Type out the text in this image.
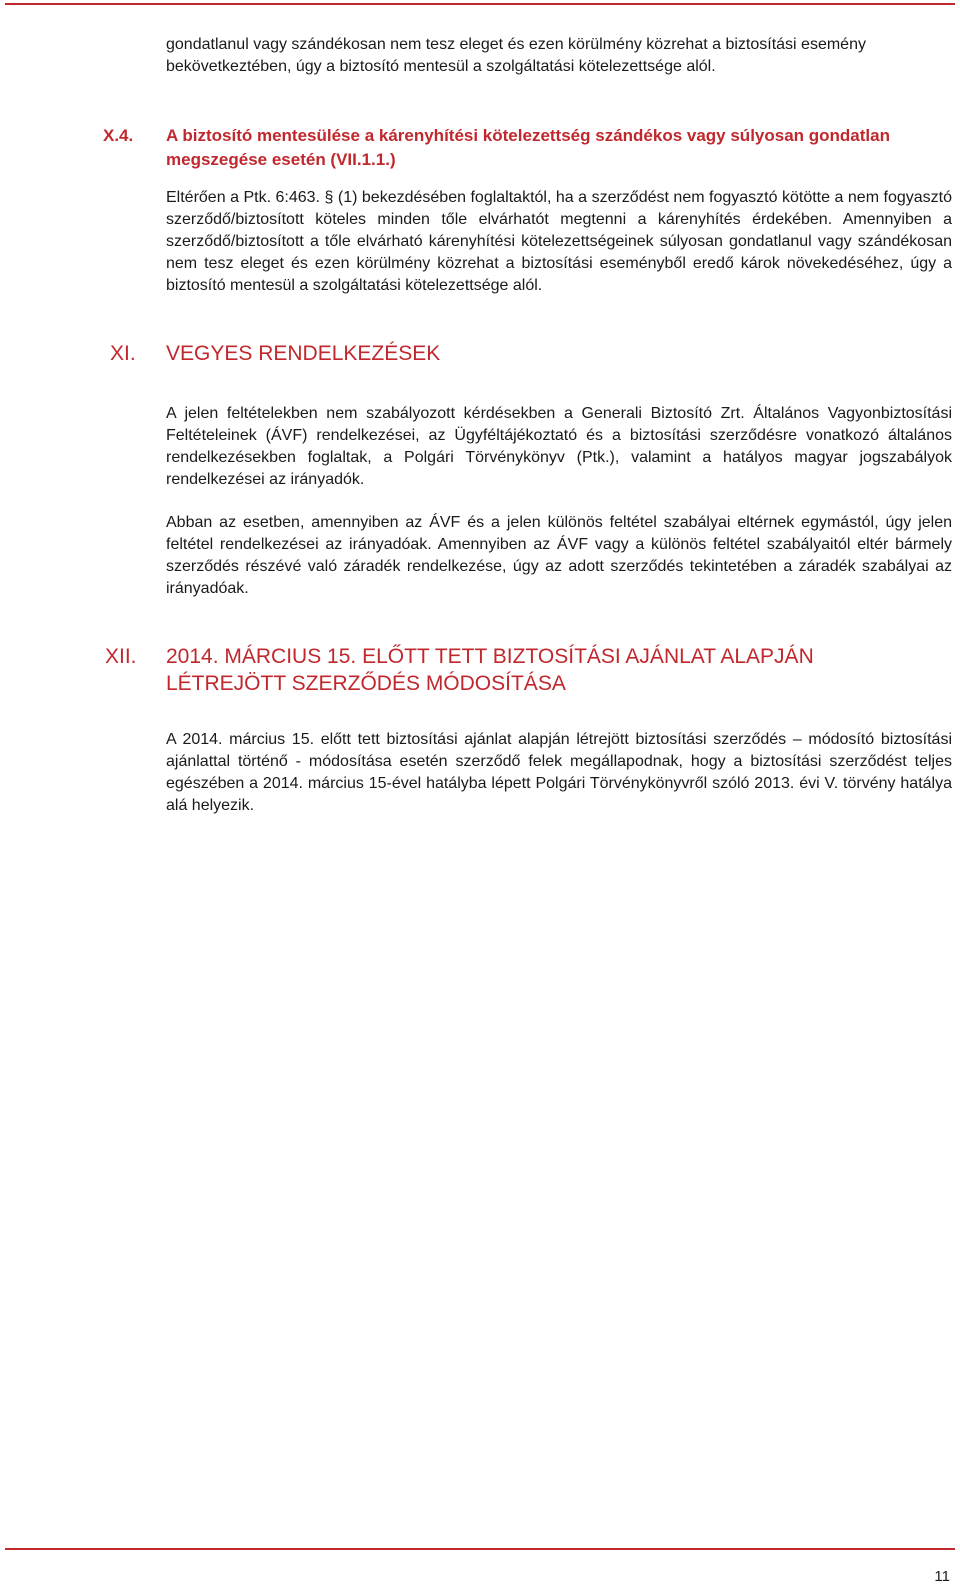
gondatlanul vagy szándékosan nem tesz eleget és ezen körülmény közrehat a biztosítási esemény bekövetkeztében, úgy a biztosító mentesül a szolgáltatási kötelezettsége alól.

X.4. A biztosító mentesülése a kárenyhítési kötelezettség szándékos vagy súlyosan gondatlan megszegése esetén (VII.1.1.)

Eltérően a Ptk. 6:463. § (1) bekezdésében foglaltaktól, ha a szerződést nem fogyasztó kötötte a nem fogyasztó szerződő/biztosított köteles minden tőle elvárhatót megtenni a kárenyhítés érdekében. Amennyiben a szerződő/biztosított a tőle elvárható kárenyhítési kötelezettségeinek súlyosan gondatlanul vagy szándékosan nem tesz eleget és ezen körülmény közrehat a biztosítási eseményből eredő károk növekedéséhez, úgy a biztosító mentesül a szolgáltatási kötelezettsége alól.

XI. VEGYES RENDELKEZÉSEK

A jelen feltételekben nem szabályozott kérdésekben a Generali Biztosító Zrt. Általános Vagyonbiztosítási Feltételeinek (ÁVF) rendelkezései, az Ügyféltájékoztató és a biztosítási szerződésre vonatkozó általános rendelkezésekben foglaltak, a Polgári Törvénykönyv (Ptk.), valamint a hatályos magyar jogszabályok rendelkezései az irányadók.

Abban az esetben, amennyiben az ÁVF és a jelen különös feltétel szabályai eltérnek egymástól, úgy jelen feltétel rendelkezései az irányadóak. Amennyiben az ÁVF vagy a különös feltétel szabályaitól eltér bármely szerződés részévé való záradék rendelkezése, úgy az adott szerződés tekintetében a záradék szabályai az irányadóak.

XII. 2014. MÁRCIUS 15. ELŐTT TETT BIZTOSÍTÁSI AJÁNLAT ALAPJÁN LÉTREJÖTT SZERZŐDÉS MÓDOSÍTÁSA

A 2014. március 15. előtt tett biztosítási ajánlat alapján létrejött biztosítási szerződés – módosító biztosítási ajánlattal történő - módosítása esetén szerződő felek megállapodnak, hogy a biztosítási szerződést teljes egészében a 2014. március 15-ével hatályba lépett Polgári Törvénykönyvről szóló 2013. évi V. törvény hatálya alá helyezik.

11
